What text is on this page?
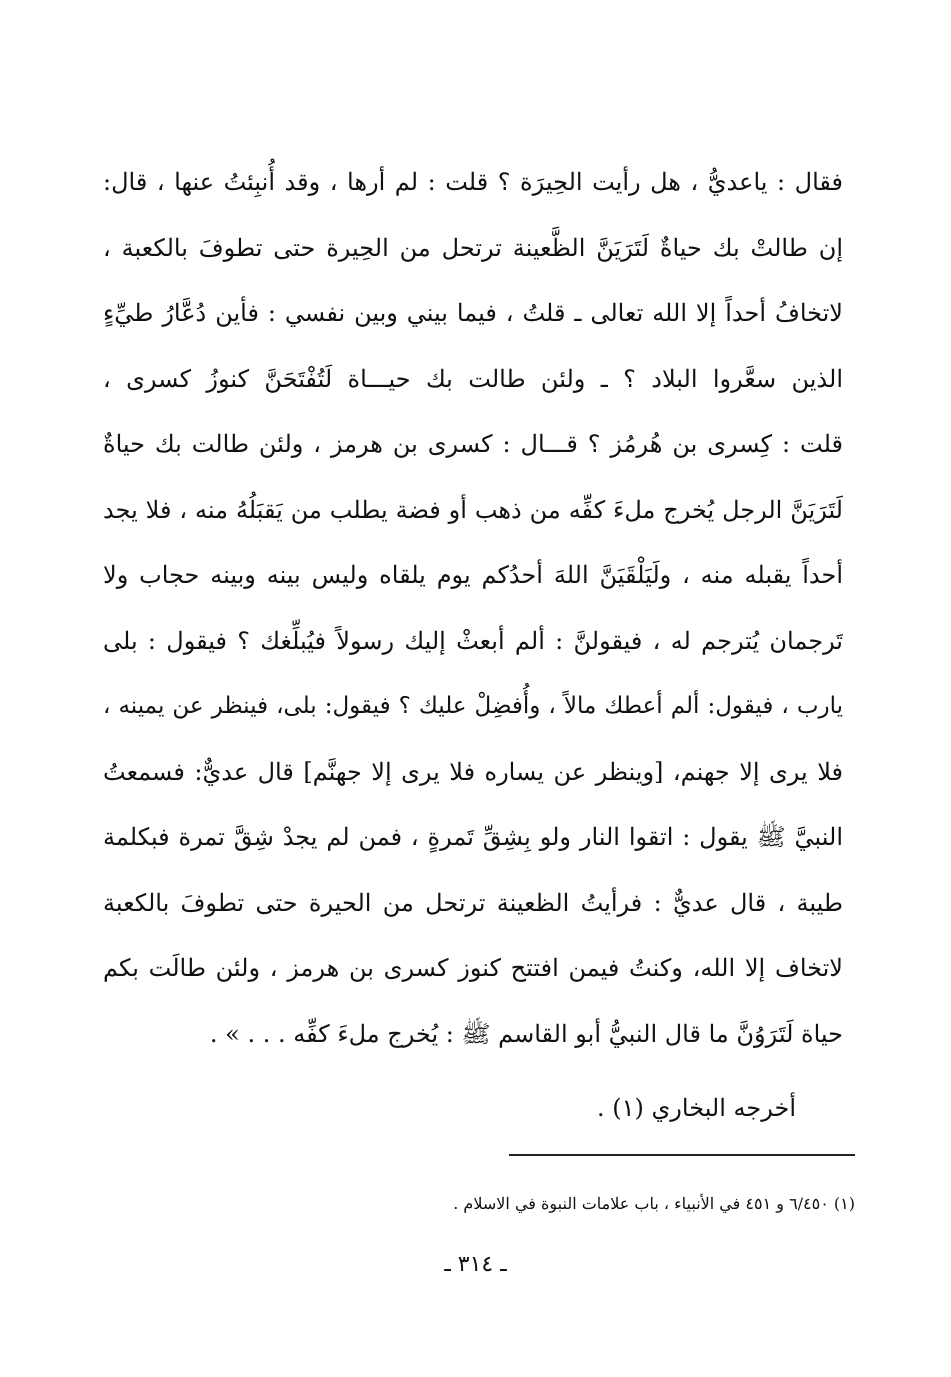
فقال : ياعديُّ ، هل رأيت الحِيرَة ؟ قلت : لم أرها ، وقد أُنبِئتُ عنها ، قال:
إن طالتْ بك حياةٌ لَتَرَيَنَّ الظَّعينة ترتحل من الحِيرة حتى تطوفَ بالكعبة ،
لاتخافُ أحداً إلا الله تعالى ـ قلتُ ، فيما بيني وبين نفسي : فأين دُعَّارُ طيِّءٍ
الذين سعَّروا البلاد ؟ ـ ولئن طالت بك حيـــاة لَتُفْتَحَنَّ كنوزُ كسرى ،
قلت : كِسرى بن هُرمُز ؟ قـــال : كسرى بن هرمز ، ولئن طالت بك حياةٌ
لَتَرَيَنَّ الرجل يُخرج ملءَ كفِّه من ذهب أو فضة يطلب من يَقبَلُهُ منه ، فلا يجد
أحداً يقبله منه ، ولَيَلْقَيَنَّ اللهَ أحدُكم يوم يلقاه وليس بينه وبينه حجاب ولا
تَرجمان يُترجم له ، فيقولنَّ : ألم أبعثْ إليك رسولاً فيُبلِّغك ؟ فيقول : بلى
يارب ، فيقول: ألم أعطك مالاً ، وأُفضِلْ عليك ؟ فيقول: بلى، فينظر عن يمينه ،
فلا يرى إلا جهنم، [وينظر عن يساره فلا يرى إلا جهنَّم] قال عديٌّ: فسمعتُ
النبيَّ ﷺ يقول : اتقوا النار ولو بِشِقِّ تَمرةٍ ، فمن لم يجدْ شِقَّ تمرة فبكلمة
طيبة ، قال عديٌّ : فرأيتُ الظعينة ترتحل من الحيرة حتى تطوفَ بالكعبة
لاتخاف إلا الله، وكنتُ فيمن افتتح كنوز كسرى بن هرمز ، ولئن طالَت بكم
حياة لَتَرَوُنَّ ما قال النبيُّ أبو القاسم ﷺ : يُخرج ملءَ كفِّه . . . » .
أخرجه البخاري (١) .
(١) ٦/٤٥٠ و ٤٥١ في الأنبياء ، باب علامات النبوة في الاسلام .
ـ ٣١٤ ـ
